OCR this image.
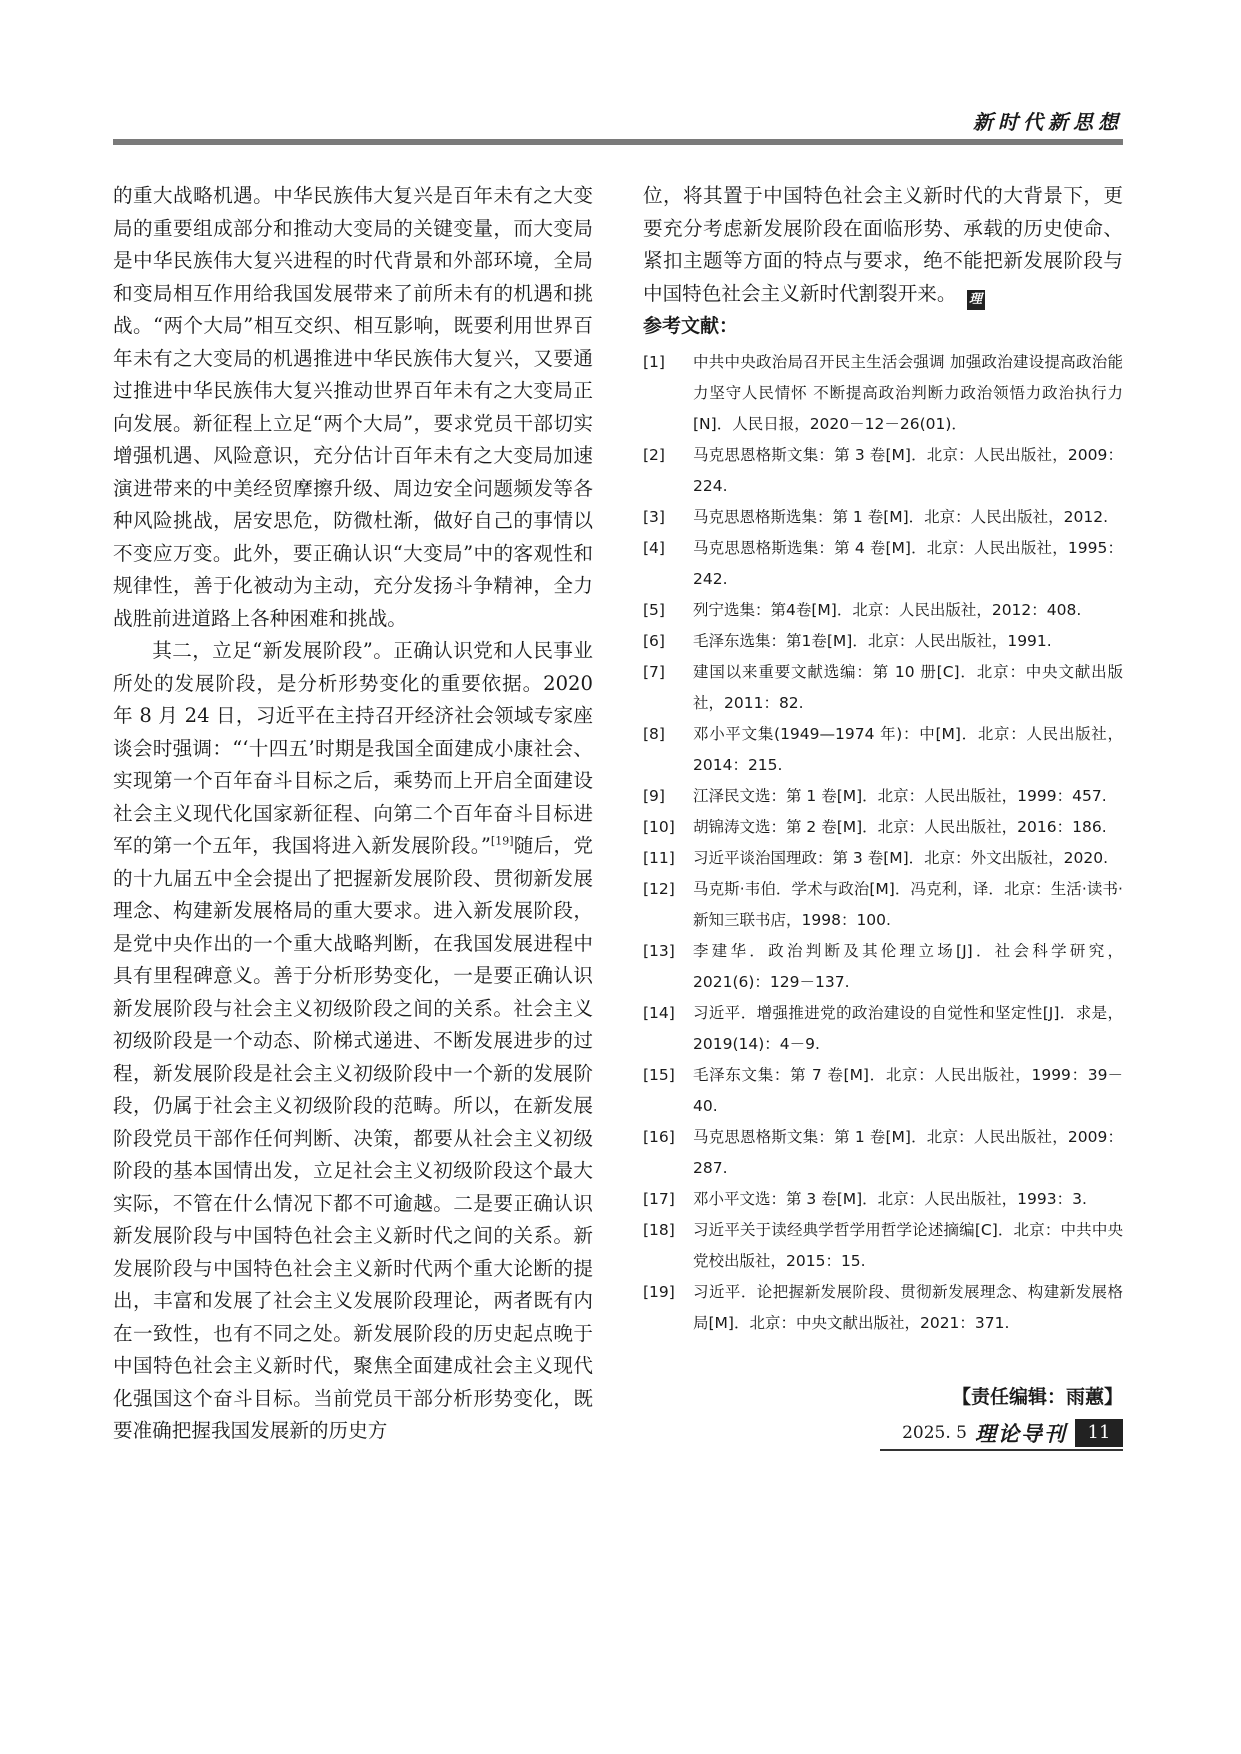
新时代新思想

的重大战略机遇。中华民族伟大复兴是百年未有之大变局的重要组成部分和推动大变局的关键变量，而大变局是中华民族伟大复兴进程的时代背景和外部环境，全局和变局相互作用给我国发展带来了前所未有的机遇和挑战。“两个大局”相互交织、相互影响，既要利用世界百年未有之大变局的机遇推进中华民族伟大复兴，又要通过推进中华民族伟大复兴推动世界百年未有之大变局正向发展。新征程上立足“两个大局”，要求党员干部切实增强机遇、风险意识，充分估计百年未有之大变局加速演进带来的中美经贸摩擦升级、周边安全问题频发等各种风险挑战，居安思危，防微杜渐，做好自己的事情以不变应万变。此外，要正确认识“大变局”中的客观性和规律性，善于化被动为主动，充分发扬斗争精神，全力战胜前进道路上各种困难和挑战。

其二，立足“新发展阶段”。正确认识党和人民事业所处的发展阶段，是分析形势变化的重要依据。2020 年 8 月 24 日，习近平在主持召开经济社会领域专家座谈会时强调：“‘十四五’时期是我国全面建成小康社会、实现第一个百年奋斗目标之后，乘势而上开启全面建设社会主义现代化国家新征程、向第二个百年奋斗目标进军的第一个五年，我国将进入新发展阶段。”[19]随后，党的十九届五中全会提出了把握新发展阶段、贯彻新发展理念、构建新发展格局的重大要求。进入新发展阶段，是党中央作出的一个重大战略判断，在我国发展进程中具有里程碑意义。善于分析形势变化，一是要正确认识新发展阶段与社会主义初级阶段之间的关系。社会主义初级阶段是一个动态、阶梯式递进、不断发展进步的过程，新发展阶段是社会主义初级阶段中一个新的发展阶段，仍属于社会主义初级阶段的范畴。所以，在新发展阶段党员干部作任何判断、决策，都要从社会主义初级阶段的基本国情出发，立足社会主义初级阶段这个最大实际，不管在什么情况下都不可逾越。二是要正确认识新发展阶段与中国特色社会主义新时代之间的关系。新发展阶段与中国特色社会主义新时代两个重大论断的提出，丰富和发展了社会主义发展阶段理论，两者既有内在一致性，也有不同之处。新发展阶段的历史起点晚于中国特色社会主义新时代，聚焦全面建成社会主义现代化强国这个奋斗目标。当前党员干部分析形势变化，既要准确把握我国发展新的历史方

位，将其置于中国特色社会主义新时代的大背景下，更要充分考虑新发展阶段在面临形势、承载的历史使命、紧扣主题等方面的特点与要求，绝不能把新发展阶段与中国特色社会主义新时代割裂开来。 理

参考文献：
[1] 中共中央政治局召开民主生活会强调 加强政治建设提高政治能力坚守人民情怀 不断提高政治判断力政治领悟力政治执行力[N]．人民日报，2020－12－26(01)．
[2] 马克思恩格斯文集：第 3 卷[M]．北京：人民出版社，2009：224.
[3] 马克思恩格斯选集：第 1 卷[M]．北京：人民出版社，2012.
[4] 马克思恩格斯选集：第 4 卷[M]．北京：人民出版社，1995：242.
[5] 列宁选集：第4卷[M]．北京：人民出版社，2012：408.
[6] 毛泽东选集：第1卷[M]．北京：人民出版社，1991.
[7] 建国以来重要文献选编：第 10 册[C]．北京：中央文献出版社，2011：82.
[8] 邓小平文集(1949—1974 年)：中[M]．北京：人民出版社，2014：215.
[9] 江泽民文选：第 1 卷[M]．北京：人民出版社，1999：457.
[10] 胡锦涛文选：第 2 卷[M]．北京：人民出版社，2016：186.
[11] 习近平谈治国理政：第 3 卷[M]．北京：外文出版社，2020.
[12] 马克斯·韦伯．学术与政治[M]．冯克利，译．北京：生活·读书·新知三联书店，1998：100.
[13] 李建华．政治判断及其伦理立场[J]．社会科学研究，2021(6)：129－137.
[14] 习近平．增强推进党的政治建设的自觉性和坚定性[J]．求是，2019(14)：4－9.
[15] 毛泽东文集：第 7 卷[M]．北京：人民出版社，1999：39－40.
[16] 马克思恩格斯文集：第 1 卷[M]．北京：人民出版社，2009：287.
[17] 邓小平文选：第 3 卷[M]．北京：人民出版社，1993：3.
[18] 习近平关于读经典学哲学用哲学论述摘编[C]．北京：中共中央党校出版社，2015：15.
[19] 习近平．论把握新发展阶段、贯彻新发展理念、构建新发展格局[M]．北京：中央文献出版社，2021：371.
【责任编辑：雨蕙】
2025. 5 理论导刊	11
